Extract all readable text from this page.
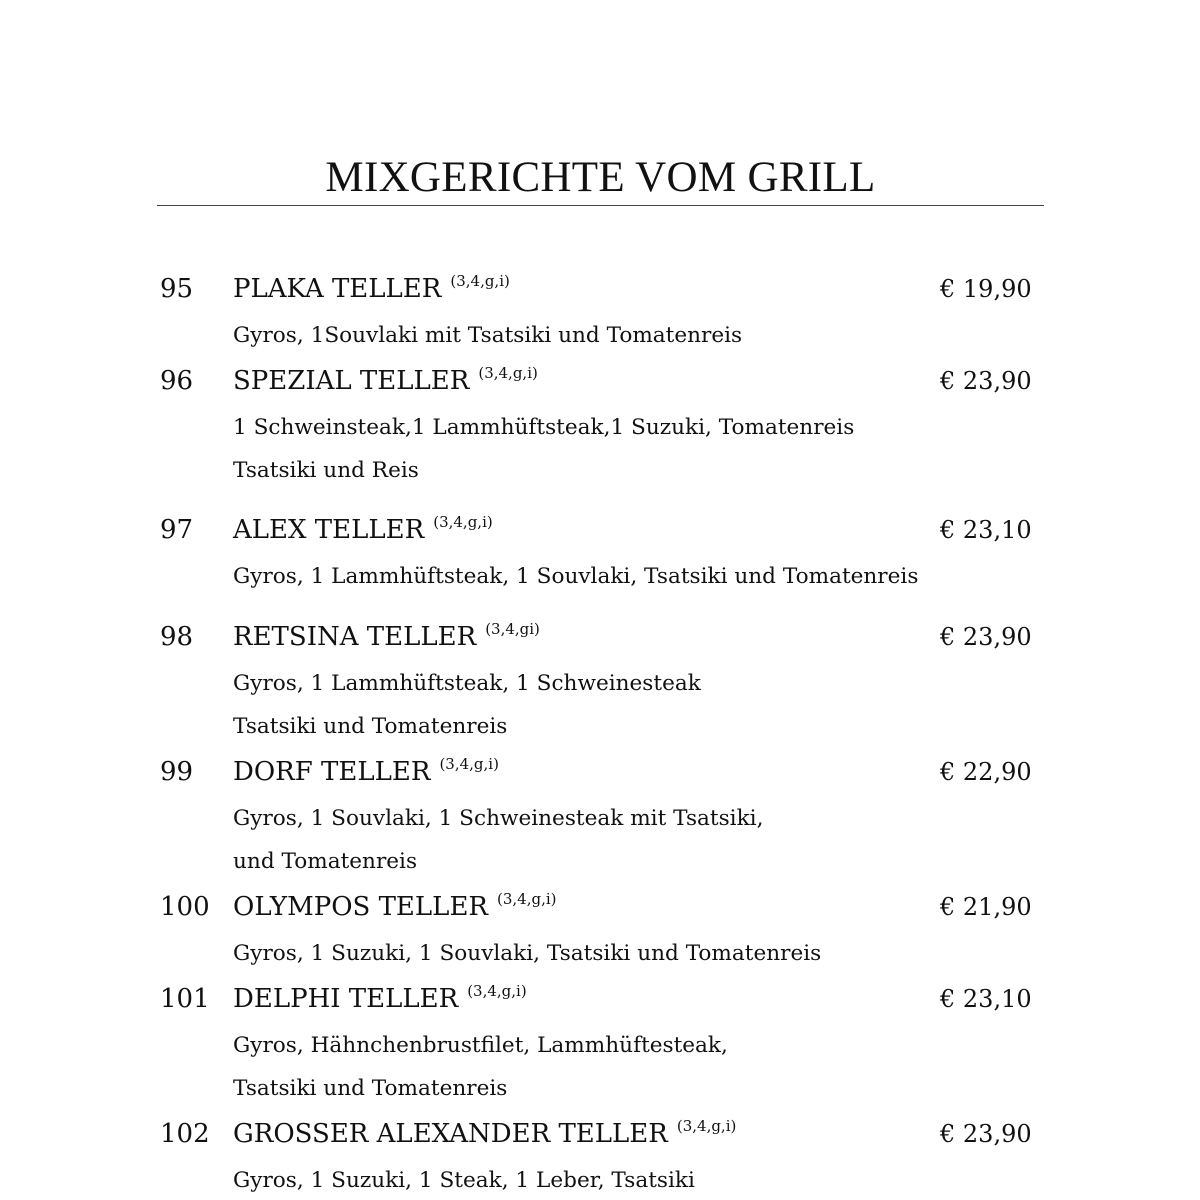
MIXGERICHTE VOM GRILL
95 PLAKA TELLER $^{(3,4,g,i)}$	€ 19,90
Gyros, 1Souvlaki mit Tsatsiki und Tomatenreis
96 SPEZIAL TELLER $^{(3,4,g,i)}$	€ 23,90
1 Schweinsteak,1 Lammhüftsteak,1 Suzuki, Tomatenreis
Tsatsiki und Reis
97 ALEX TELLER $^{(3,4,g,i)}$	€ 23,10
Gyros, 1 Lammhüftsteak, 1 Souvlaki, Tsatsiki und Tomatenreis
98 RETSINA TELLER $^{(3,4,gi)}$	€ 23,90
Gyros, 1 Lammhüftsteak, 1 Schweinesteak
Tsatsiki und Tomatenreis
99 DORF TELLER $^{(3,4,g,i)}$	€ 22,90
Gyros, 1 Souvlaki, 1 Schweinesteak mit Tsatsiki,
und Tomatenreis
100 OLYMPOS TELLER $^{(3,4,g,i)}$	€ 21,90
Gyros, 1 Suzuki, 1 Souvlaki, Tsatsiki und Tomatenreis
101 DELPHI TELLER $^{(3,4,g,i)}$	€ 23,10
Gyros, Hähnchenbrustfilet, Lammhüftesteak,
Tsatsiki und Tomatenreis
102 GROSSER ALEXANDER TELLER $^{(3,4,g,i)}$	€ 23,90
Gyros, 1 Suzuki, 1 Steak, 1 Leber, Tsatsiki
